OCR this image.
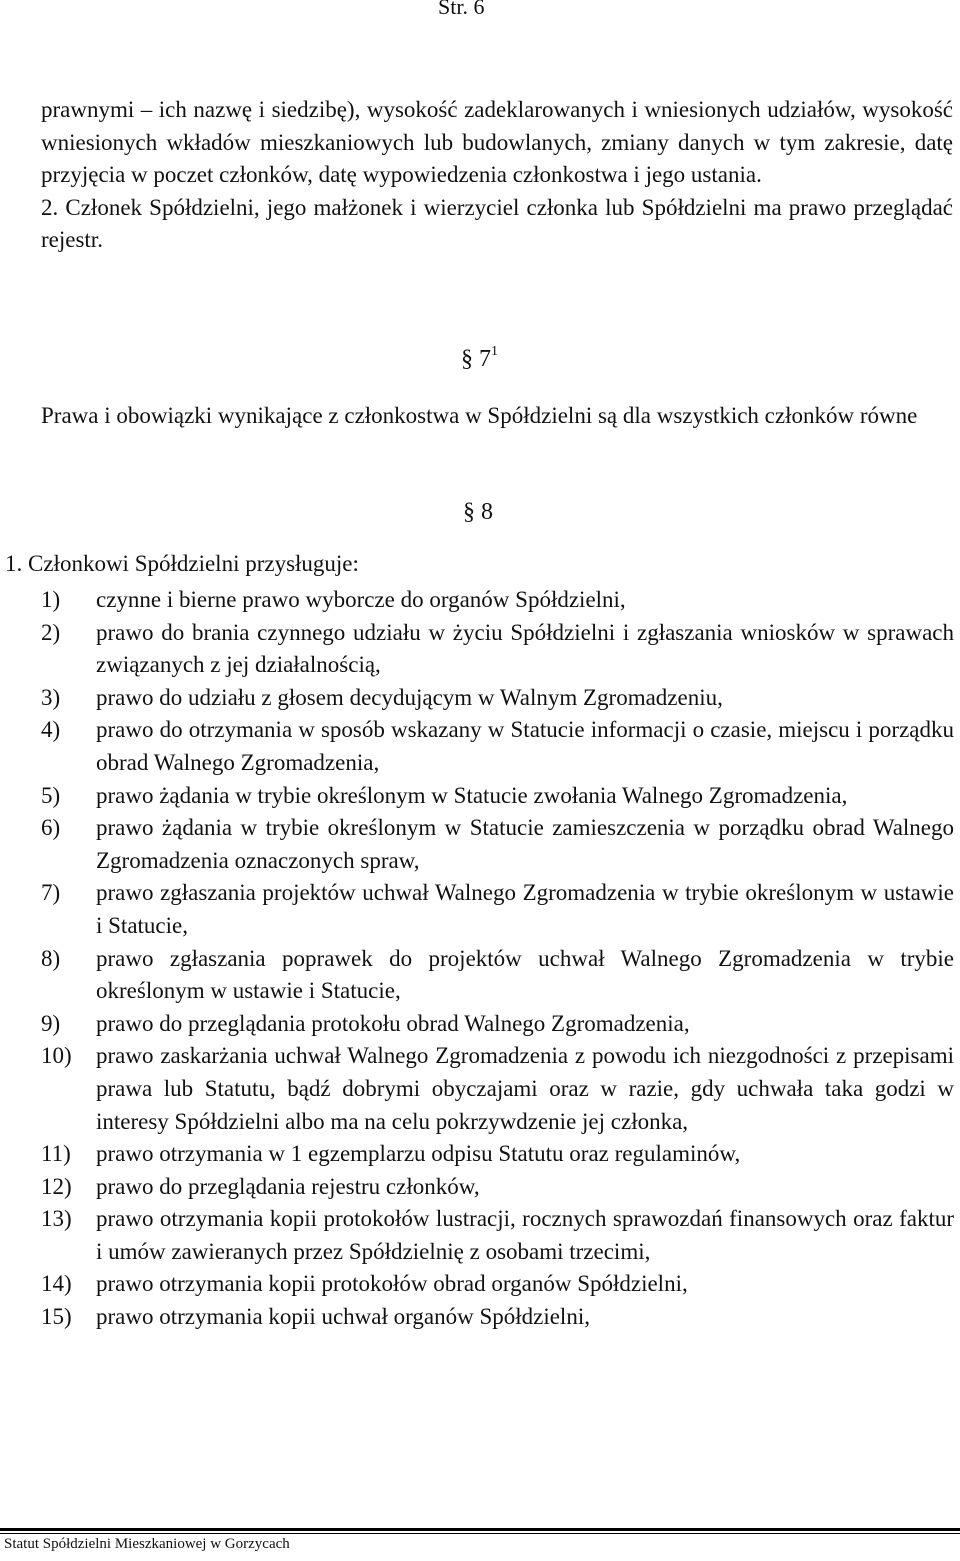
Str. 6

prawnymi – ich nazwę i siedzibę), wysokość zadeklarowanych i wniesionych udziałów, wysokość wniesionych wkładów mieszkaniowych lub budowlanych, zmiany danych w tym zakresie, datę przyjęcia w poczet członków, datę wypowiedzenia członkostwa i jego ustania.

2. Członek Spółdzielni, jego małżonek i wierzyciel członka lub Spółdzielni ma prawo przeglądać rejestr.

§ $7^1$

Prawa i obowiązki wynikające z członkostwa w Spółdzielni są dla wszystkich członków równe

§ 8

1. Członkowi Spółdzielni przysługuje:

1)	czynne i bierne prawo wyborcze do organów Spółdzielni,
2)	prawo do brania czynnego udziału w życiu Spółdzielni i zgłaszania wniosków w sprawach związanych z jej działalnością,
3)	prawo do udziału z głosem decydującym w Walnym Zgromadzeniu,
4)	prawo do otrzymania w sposób wskazany w Statucie informacji o czasie, miejscu i porządku obrad Walnego Zgromadzenia,
5)	prawo żądania w trybie określonym w Statucie zwołania Walnego Zgromadzenia,
6)	prawo żądania w trybie określonym w Statucie zamieszczenia w porządku obrad Walnego Zgromadzenia oznaczonych spraw,
7)	prawo zgłaszania projektów uchwał Walnego Zgromadzenia w trybie określonym w ustawie i Statucie,
8)	prawo zgłaszania poprawek do projektów uchwał Walnego Zgromadzenia w trybie określonym w ustawie i Statucie,
9)	prawo do przeglądania protokołu obrad Walnego Zgromadzenia,
10)	prawo zaskarżania uchwał Walnego Zgromadzenia z powodu ich niezgodności z przepisami prawa lub Statutu, bądź dobrymi obyczajami oraz w razie, gdy uchwała taka godzi w interesy Spółdzielni albo ma na celu pokrzywdzenie jej członka,
11)	prawo otrzymania w 1 egzemplarzu odpisu Statutu oraz regulaminów,
12)	prawo do przeglądania rejestru członków,
13)	prawo otrzymania kopii protokołów lustracji, rocznych sprawozdań finansowych oraz faktur i umów zawieranych przez Spółdzielnię z osobami trzecimi,
14)	prawo otrzymania kopii protokołów obrad organów Spółdzielni,
15)	prawo otrzymania kopii uchwał organów Spółdzielni,
Statut Spółdzielni Mieszkaniowej w Gorzycach
